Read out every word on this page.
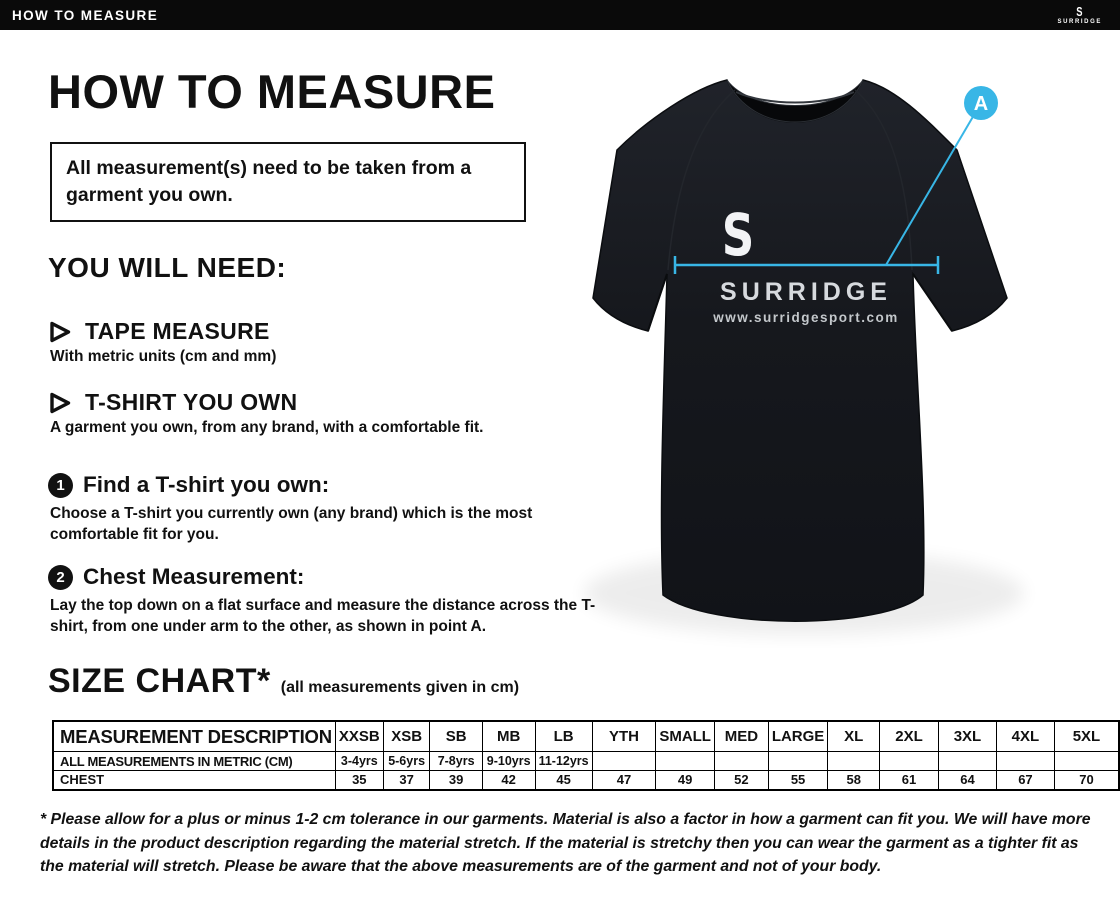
HOW TO MEASURE	S
SURRIDGE
HOW TO MEASURE

All measurement(s) need to be taken from a garment you own.

YOU WILL NEED:
TAPE MEASURE
With metric units (cm and mm)
T-SHIRT YOU OWN
A garment you own, from any brand, with a comfortable fit.
1 Find a T-shirt you own:

Choose a T-shirt you currently own (any brand) which is the most comfortable fit for you.

2 Chest Measurement:

Lay the top down on a flat surface and measure the distance across the T-shirt, from one under arm to the other, as shown in point A.

SIZE CHART* (all measurements given in cm)
MEASUREMENT DESCRIPTION	XXSB	XSB	SB	MB	LB	YTH	SMALL	MED	LARGE	XL	2XL	3XL	4XL	5XL
ALL MEASUREMENTS IN METRIC (CM)	3-4yrs	5-6yrs	7-8yrs	9-10yrs	11-12yrs									
CHEST	35	37	39	42	45	47	49	52	55	58	61	64	67	70

* Please allow for a plus or minus 1-2 cm tolerance in our garments. Material is also a factor in how a garment can fit you. We will have more details in the product description regarding the material stretch. If the material is stretchy then you can wear the garment as a tighter fit as the material will stretch. Please be aware that the above measurements are of the garment and not of your body.

S
SURRIDGE
www.surridgesport.com
A
